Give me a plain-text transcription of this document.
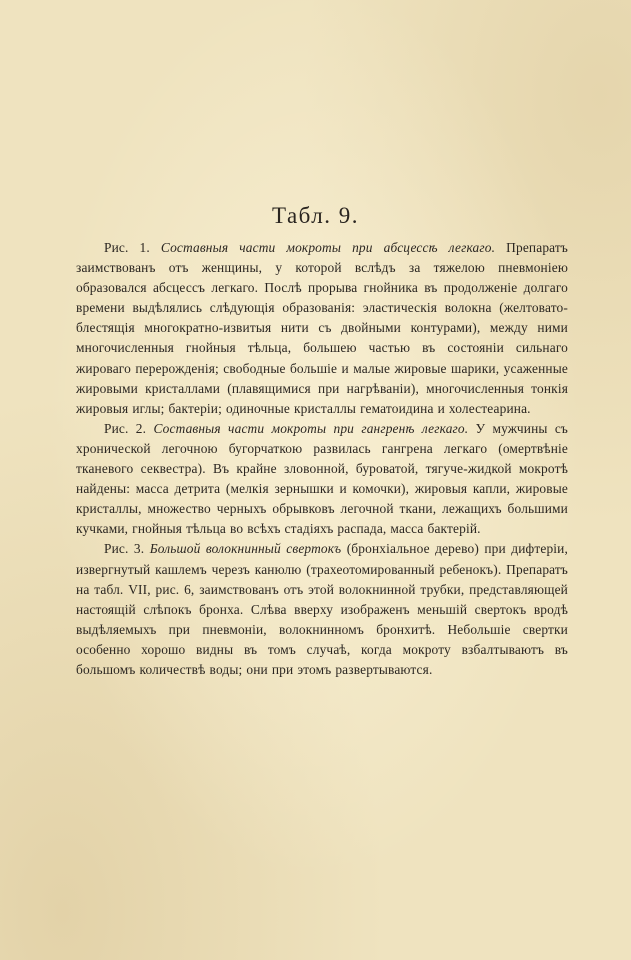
Табл. 9.

Рис. 1. Составныя части мокроты при абсцессѣ легкаго. Препаратъ заимствованъ отъ женщины, у которой вслѣдъ за тяжелою пневмоніею образовался абсцессъ легкаго. Послѣ прорыва гнойника въ продолженіе долгаго времени выдѣлялись слѣдующія образованія: эластическія волокна (желтовато-блестящія многократно-извитыя нити съ двойными контурами), между ними многочисленныя гнойныя тѣльца, большею частью въ состояніи сильнаго жироваго перерожденія; свободные большіе и малые жировые шарики, усаженные жировыми кристаллами (плавящимися при нагрѣваніи), многочисленныя тонкія жировыя иглы; бактеріи; одиночные кристаллы гематоидина и холестеарина.

Рис. 2. Составныя части мокроты при гангренѣ легкаго. У мужчины съ хронической легочною бугорчаткою развилась гангрена легкаго (омертвѣніе тканевого секвестра). Въ крайне зловонной, буроватой, тягуче-жидкой мокротѣ найдены: масса детрита (мелкія зернышки и комочки), жировыя капли, жировые кристаллы, множество черныхъ обрывковъ легочной ткани, лежащихъ большими кучками, гнойныя тѣльца во всѣхъ стадіяхъ распада, масса бактерій.

Рис. 3. Большой волокнинный свертокъ (бронхіальное дерево) при дифтеріи, извергнутый кашлемъ черезъ канюлю (трахеотомированный ребенокъ). Препаратъ на табл. VII, рис. 6, заимствованъ отъ этой волокнинной трубки, представляющей настоящій слѣпокъ бронха. Слѣва вверху изображенъ меньшій свертокъ вродѣ выдѣляемыхъ при пневмоніи, волокнинномъ бронхитѣ. Небольшіе свертки особенно хорошо видны въ томъ случаѣ, когда мокроту взбалтываютъ въ большомъ количествѣ воды; они при этомъ развертываются.
